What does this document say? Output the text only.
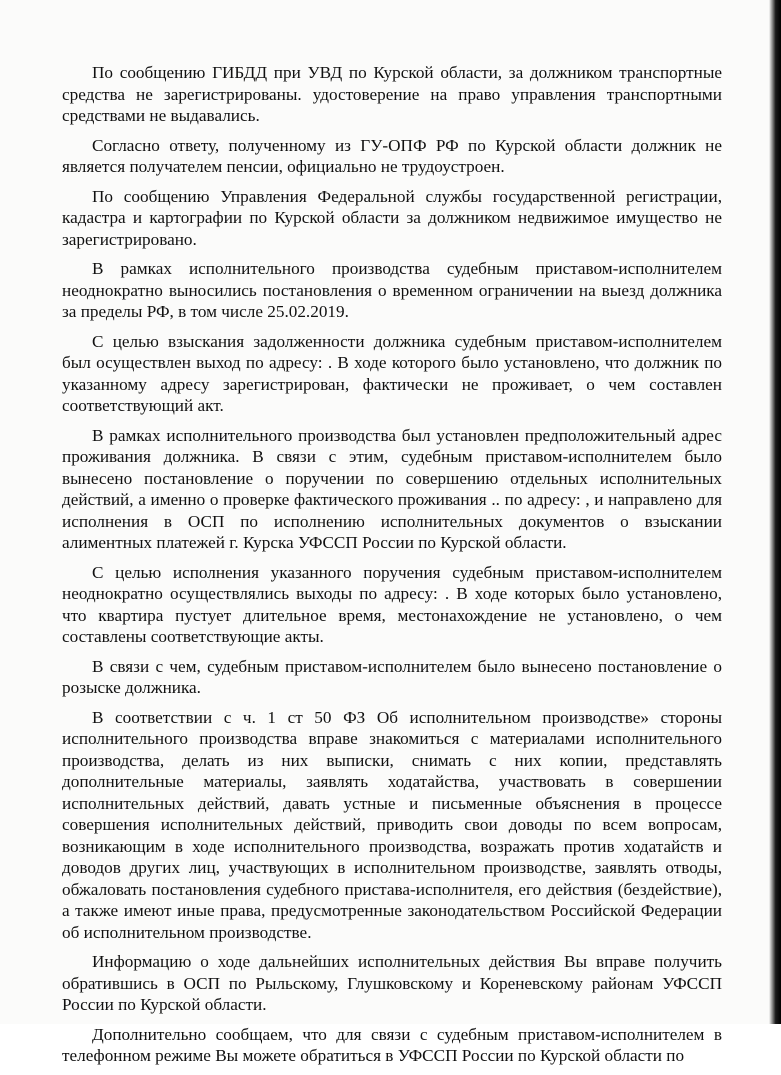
По сообщению ГИБДД при УВД по Курской области, за должником транспортные средства не зарегистрированы. удостоверение на право управления транспортными средствами не выдавались.

Согласно ответу, полученному из ГУ-ОПФ РФ по Курской области должник не является получателем пенсии, официально не трудоустроен.

По сообщению Управления Федеральной службы государственной регистрации, кадастра и картографии по Курской области за должником недвижимое имущество не зарегистрировано.

В рамках исполнительного производства судебным приставом-исполнителем неоднократно выносились постановления о временном ограничении на выезд должника за пределы РФ, в том числе 25.02.2019.

С целью взыскания задолженности должника судебным приставом-исполнителем был осуществлен выход по адресу: . В ходе которого было установлено, что должник по указанному адресу зарегистрирован, фактически не проживает, о чем составлен соответствующий акт.

В рамках исполнительного производства был установлен предположительный адрес проживания должника. В связи с этим, судебным приставом-исполнителем было вынесено постановление о поручении по совершению отдельных исполнительных действий, а именно о проверке фактического проживания .. по адресу: , и направлено для исполнения в ОСП по исполнению исполнительных документов о взыскании алиментных платежей г. Курска УФССП России по Курской области.

С целью исполнения указанного поручения судебным приставом-исполнителем неоднократно осуществлялись выходы по адресу: . В ходе которых было установлено, что квартира пустует длительное время, местонахождение не установлено, о чем составлены соответствующие акты.

В связи с чем, судебным приставом-исполнителем было вынесено постановление о розыске должника.

В соответствии с ч. 1 ст 50 ФЗ Об исполнительном производстве» стороны исполнительного производства вправе знакомиться с материалами исполнительного производства, делать из них выписки, снимать с них копии, представлять дополнительные материалы, заявлять ходатайства, участвовать в совершении исполнительных действий, давать устные и письменные объяснения в процессе совершения исполнительных действий, приводить свои доводы по всем вопросам, возникающим в ходе исполнительного производства, возражать против ходатайств и доводов других лиц, участвующих в исполнительном производстве, заявлять отводы, обжаловать постановления судебного пристава-исполнителя, его действия (бездействие), а также имеют иные права, предусмотренные законодательством Российской Федерации об исполнительном производстве.

Информацию о ходе дальнейших исполнительных действия Вы вправе получить обратившись в ОСП по Рыльскому, Глушковскому и Кореневскому районам УФССП России по Курской области.

Дополнительно сообщаем, что для связи с судебным приставом-исполнителем в телефонном режиме Вы можете обратиться в УФССП России по Курской области по
